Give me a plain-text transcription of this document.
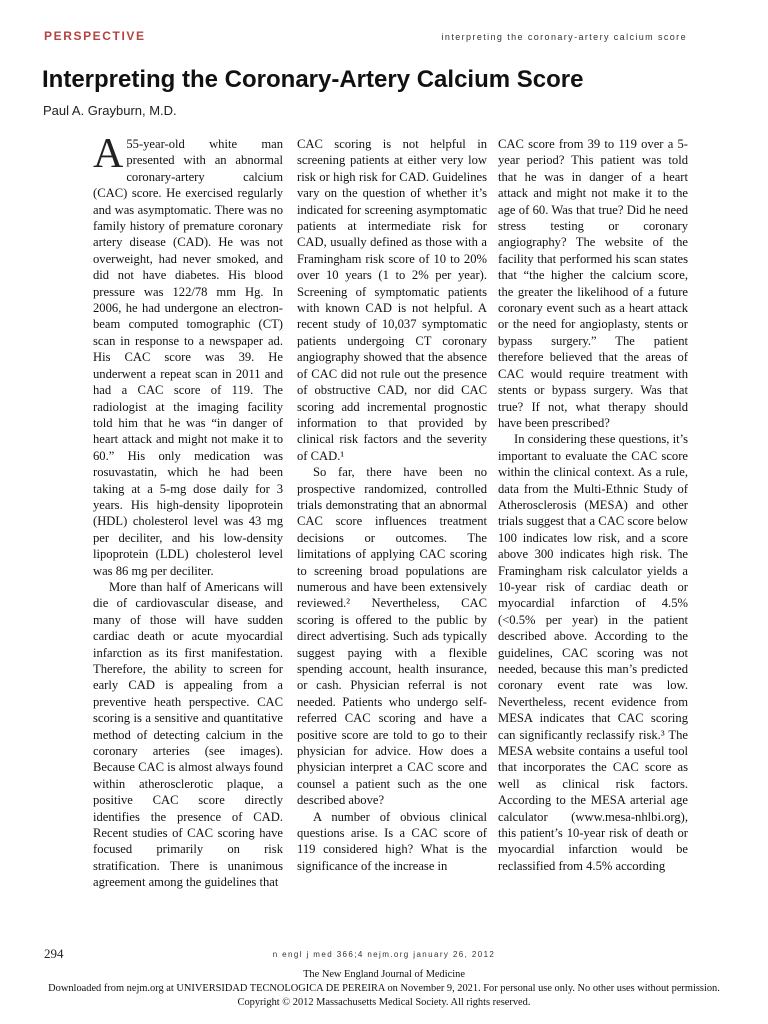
PERSPECTIVE	interpreting the coronary-artery calcium score
Interpreting the Coronary-Artery Calcium Score
Paul A. Grayburn, M.D.

A 55-year-old white man presented with an abnormal coronary-artery calcium (CAC) score. He exercised regularly and was asymptomatic. There was no family history of premature coronary artery disease (CAD). He was not overweight, had never smoked, and did not have diabetes. His blood pressure was 122/78 mm Hg. In 2006, he had undergone an electron-beam computed tomographic (CT) scan in response to a newspaper ad. His CAC score was 39. He underwent a repeat scan in 2011 and had a CAC score of 119. The radiologist at the imaging facility told him that he was “in danger of heart attack and might not make it to 60.” His only medication was rosuvastatin, which he had been taking at a 5-mg dose daily for 3 years. His high-density lipoprotein (HDL) cholesterol level was 43 mg per deciliter, and his low-density lipoprotein (LDL) cholesterol level was 86 mg per deciliter.

More than half of Americans will die of cardiovascular disease, and many of those will have sudden cardiac death or acute myocardial infarction as its first manifestation. Therefore, the ability to screen for early CAD is appealing from a preventive heath perspective. CAC scoring is a sensitive and quantitative method of detecting calcium in the coronary arteries (see images). Because CAC is almost always found within atherosclerotic plaque, a positive CAC score directly identifies the presence of CAD. Recent studies of CAC scoring have focused primarily on risk stratification. There is unanimous agreement among the guidelines that

CAC scoring is not helpful in screening patients at either very low risk or high risk for CAD. Guidelines vary on the question of whether it’s indicated for screening asymptomatic patients at intermediate risk for CAD, usually defined as those with a Framingham risk score of 10 to 20% over 10 years (1 to 2% per year). Screening of symptomatic patients with known CAD is not helpful. A recent study of 10,037 symptomatic patients undergoing CT coronary angiography showed that the absence of CAC did not rule out the presence of obstructive CAD, nor did CAC scoring add incremental prognostic information to that provided by clinical risk factors and the severity of CAD.¹

So far, there have been no prospective randomized, controlled trials demonstrating that an abnormal CAC score influences treatment decisions or outcomes. The limitations of applying CAC scoring to screening broad populations are numerous and have been extensively reviewed.² Nevertheless, CAC scoring is offered to the public by direct advertising. Such ads typically suggest paying with a flexible spending account, health insurance, or cash. Physician referral is not needed. Patients who undergo self-referred CAC scoring and have a positive score are told to go to their physician for advice. How does a physician interpret a CAC score and counsel a patient such as the one described above?

A number of obvious clinical questions arise. Is a CAC score of 119 considered high? What is the significance of the increase in

CAC score from 39 to 119 over a 5-year period? This patient was told that he was in danger of a heart attack and might not make it to the age of 60. Was that true? Did he need stress testing or coronary angiography? The website of the facility that performed his scan states that “the higher the calcium score, the greater the likelihood of a future coronary event such as a heart attack or the need for angioplasty, stents or bypass surgery.” The patient therefore believed that the areas of CAC would require treatment with stents or bypass surgery. Was that true? If not, what therapy should have been prescribed?

In considering these questions, it’s important to evaluate the CAC score within the clinical context. As a rule, data from the Multi-Ethnic Study of Atherosclerosis (MESA) and other trials suggest that a CAC score below 100 indicates low risk, and a score above 300 indicates high risk. The Framingham risk calculator yields a 10-year risk of cardiac death or myocardial infarction of 4.5% (<0.5% per year) in the patient described above. According to the guidelines, CAC scoring was not needed, because this man’s predicted coronary event rate was low. Nevertheless, recent evidence from MESA indicates that CAC scoring can significantly reclassify risk.³ The MESA website contains a useful tool that incorporates the CAC score as well as clinical risk factors. According to the MESA arterial age calculator (www.mesa-nhlbi.org), this patient’s 10-year risk of death or myocardial infarction would be reclassified from 4.5% according

294	n engl j med 366;4 nejm.org january 26, 2012
The New England Journal of Medicine
Downloaded from nejm.org at UNIVERSIDAD TECNOLOGICA DE PEREIRA on November 9, 2021. For personal use only. No other uses without permission.
Copyright © 2012 Massachusetts Medical Society. All rights reserved.
